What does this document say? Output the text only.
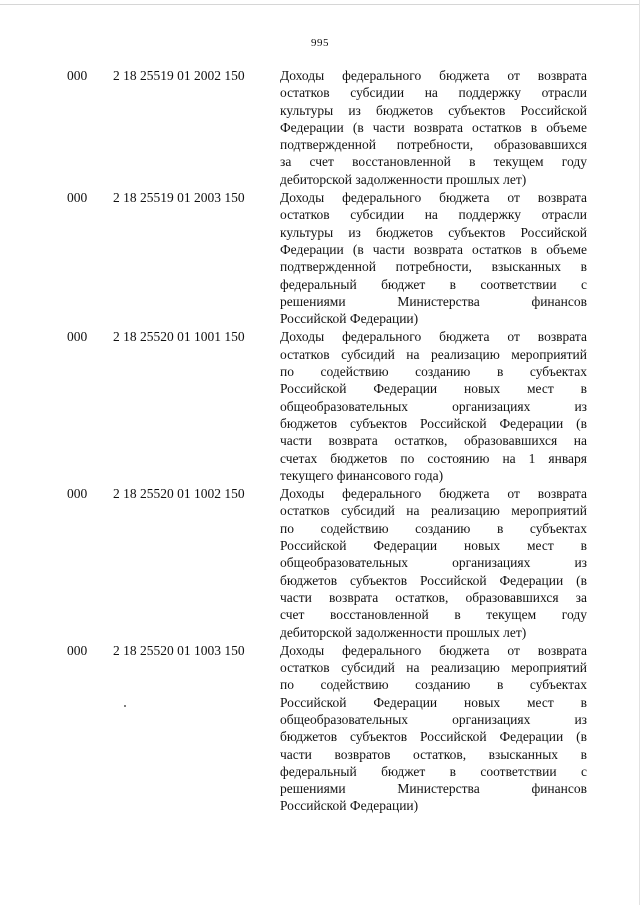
995
000 2 18 25519 01 2002 150	Доходы федерального бюджета от возврата
остатков субсидии на поддержку отрасли
культуры из бюджетов субъектов Российской
Федерации (в части возврата остатков в объеме
подтвержденной потребности, образовавшихся
за счет восстановленной в текущем году
дебиторской задолженности прошлых лет)
000 2 18 25519 01 2003 150	Доходы федерального бюджета от возврата
остатков субсидии на поддержку отрасли
культуры из бюджетов субъектов Российской
Федерации (в части возврата остатков в объеме
подтвержденной потребности, взысканных в
федеральный бюджет в соответствии с
решениями Министерства финансов
Российской Федерации)
000 2 18 25520 01 1001 150	Доходы федерального бюджета от возврата
остатков субсидий на реализацию мероприятий
по содействию созданию в субъектах
Российской Федерации новых мест в
общеобразовательных организациях из
бюджетов субъектов Российской Федерации (в
части возврата остатков, образовавшихся на
счетах бюджетов по состоянию на 1 января
текущего финансового года)
000 2 18 25520 01 1002 150	Доходы федерального бюджета от возврата
остатков субсидий на реализацию мероприятий
по содействию созданию в субъектах
Российской Федерации новых мест в
общеобразовательных организациях из
бюджетов субъектов Российской Федерации (в
части возврата остатков, образовавшихся за
счет восстановленной в текущем году
дебиторской задолженности прошлых лет)
000 2 18 25520 01 1003 150	Доходы федерального бюджета от возврата
остатков субсидий на реализацию мероприятий
по содействию созданию в субъектах
Российской Федерации новых мест в
общеобразовательных организациях из
бюджетов субъектов Российской Федерации (в
части возвратов остатков, взысканных в
федеральный бюджет в соответствии с
решениями Министерства финансов
Российской Федерации)
